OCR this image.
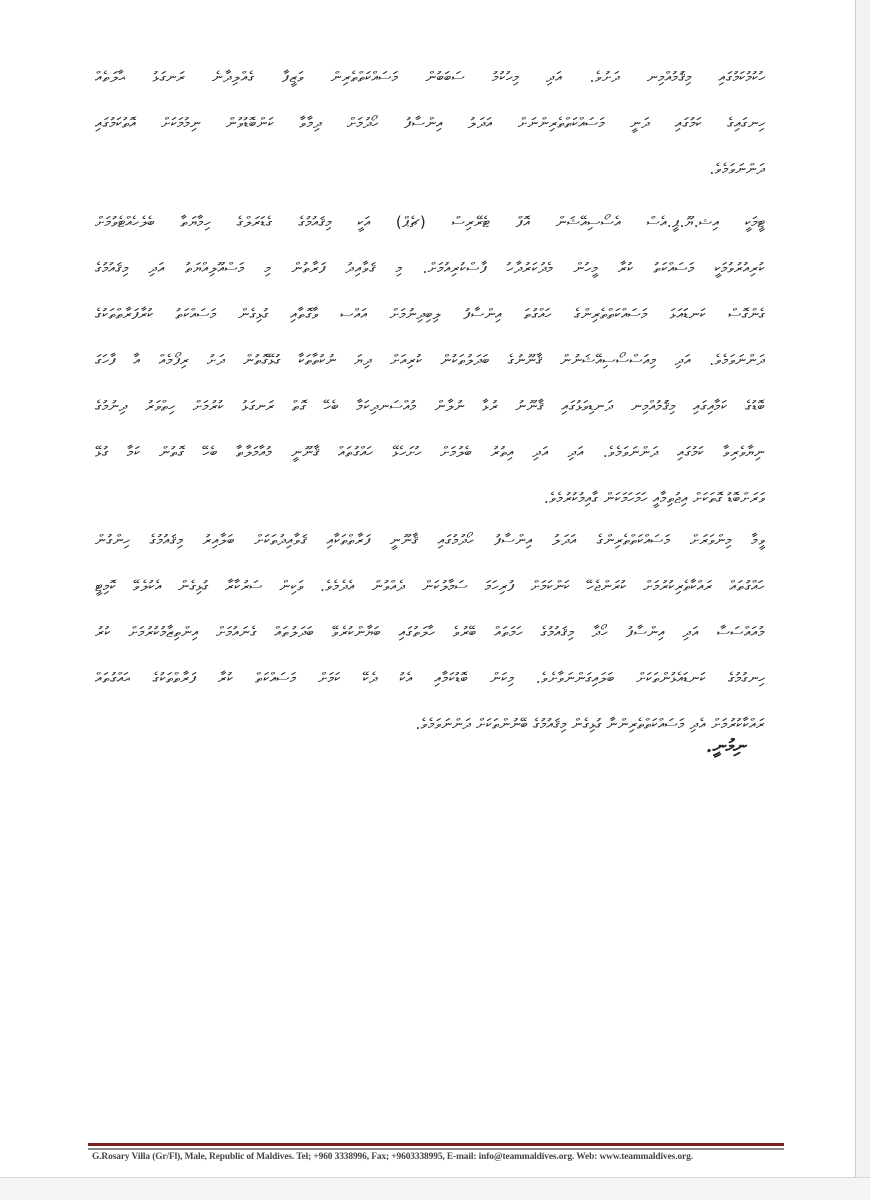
ހުކުމުކަމުގައި މިޤަުމުއްމިނ ދަށުވެ. އަދި މިހުކުމު ސަބަބުން މަސައްކަތްތެރިން ވަޒީފާ ގެއްލިދާނެ ރަނގަޅު ޙާލަތެއް
ހިނގައިގެ ކަމުގައި ދަނީ މަސައްކަތްތެރިންނަށް އަދަލު އިންސާފު ހޯދުމަށް ދިމާވާ ކަންބޮޑުވުން ނިމުމަކަށް އޮތުކަމުގައި
ދަންނަވަމެވެ.
ޓީމަކީ އިޝ.ޔޫ.ޕީ.އެސް އެސޯސިއޭޝަން އޮފް ޓެރޭރިސް (ޗެޕް) އަކީ މިޤައުމުގެ ގެޑަރަލްގެ ހިމާޔަތާ ބެލެހެއްޓެވުމަށް
ކުރިއުރުވުމަކީ މަސައްކަތު ކުރާ މީހުން މެދުކަރުދާހު ފާސްކުރިއުމަށް. މި ޤަވާއިދު ފަރާތުން މި މަސްއޫލިއްޔަތު އަދި މިޤައުމުގެ
ގެންގޮސް ކަނޑަައަޅަ މަސައްކަތްތެރިންގެ ހައްގުތަ އިންސާފު ލިބިދިނުމަށް އައްސ ވާގޮތާއި ގުޅިގެން މަސައްކަތު ކުރާފަރާތްތަކުގެ
ދަންނަވަމެވެ. އަދި މިއަސްސޯސިއޭޝަނުން ޤާނޫނުގެ ބަދަލުތަކުން ކުރިއަށް ދިޔަ ނުކުތާތަކާ ގުޅޭގޮތުން ދަށު ރިފޯމެއް އާ ފާހަގަ
ބޮޑުގެ ކަމާއިގައި މިޤަުމުއްމިނ ދަނޑިވަޅުގައި ޤާނޫނު ރުޅާ ނުލާން މުއްސަނދިކަމާ ބެހޭ ގޮތް ރަނގަޅު ކުރުމަށް ހިތްވަރު ދިނުމުގެ
ނިޔާވެރިވާ ކަމުގައި ދަންނަވަމެވެ. އަދި އަދި އިތުރު ބެލުމަށް ހުށަހެޅޭ ހައްގުތައް ޤާނޫނީ މުއާމަލާތާ ބެހޭ ގޮތުން ކަމާ ގުޅޭ
ވަރަށްބޮޑު ގޮތަކަށް އިޖުތިމާއީ ހަމަހަމަކަން ގާއިމުކުރުމެވެ.
ވީމާ މިންވަރަށް މަސައްކަތްތެރިންގެ އަދަލު އިންސާފު ހޯދުމުގައި ޤާނޫނީ ފަރާތްތަކާއި ޤަވާއިދުތަކަށް ބަލާއިރު މިޤައުމުގެ ހިންގުން
ހައްގުތައް ރައްކާތެރިކުރުމަށް ކުރަންޖެހޭ ކަންކަމަށް ފުރިހަމަ ސަމާލުކަން ދެއްވުން އެދެމެވެ. ވަކިން ސަރުކާރާ ގުޅިގެން އެކުލެވޭ ކޮމިޓީ
މުއައްސަސާ އަދި އިންސާފު ހޯދާ މިޤައުމުގެ ހަމަތައް ބޭރުވެ ހާލަތުގައި ބަޔާންކުރެވޭ ބަދަލުތައް ގެނައުމަށް އިންތިޒާމުކުރުމަށް ކުރު
ހިނގުމުގެ ކަނޑައެޅުންތަކަށް ބަލައިގަންނަވާށެވެ. މިކަން ބޮޑުކަމާއި އެކު ދެކޭ ކަމަށް މަސައްކަތް ކުރާ ފަރާތްތަކުގެ ޙައްގުތައް
ރައްކާކުރުމަށް އެދި މަސައްކަތްތެރިންނާ ގުޅިގެން މިޤައުމުގެ ބޭނުންތަކަށް ދަންނަވަމެވެ.
ނިމުނީ.
G.Rosary Villa (Gr/Fl), Male, Republic of Maldives. Tel; +960 3338996, Fax; +9603338995, E-mail: info@teammaldives.org. Web: www.teammaldives.org.
